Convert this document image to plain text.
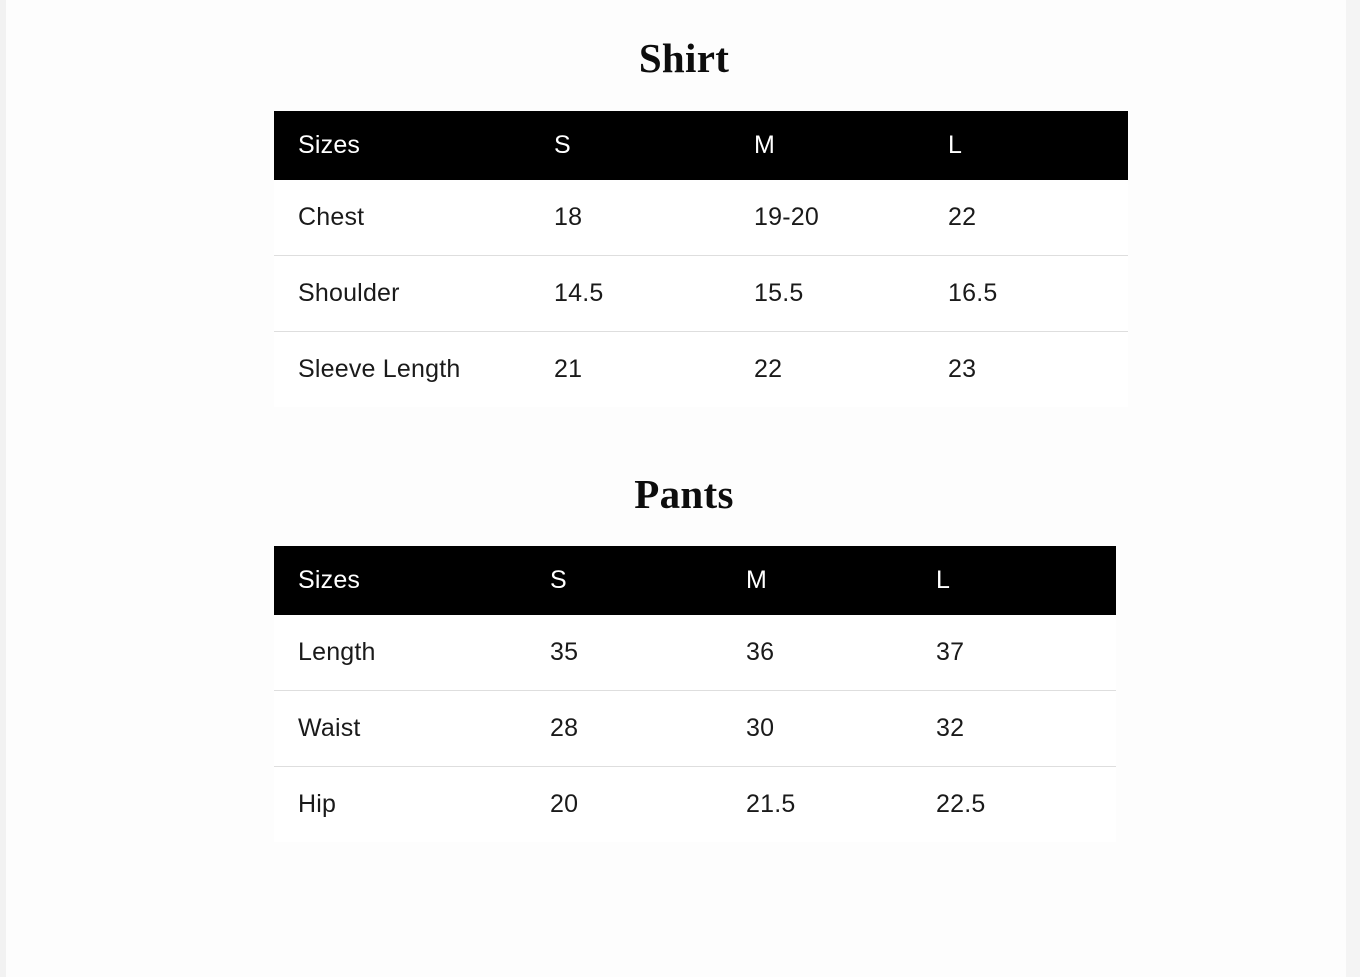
Shirt
Sizes	S	M	L
Chest	18	19-20	22
Shoulder	14.5	15.5	16.5
Sleeve Length	21	22	23
Pants
Sizes	S	M	L
Length	35	36	37
Waist	28	30	32
Hip	20	21.5	22.5
